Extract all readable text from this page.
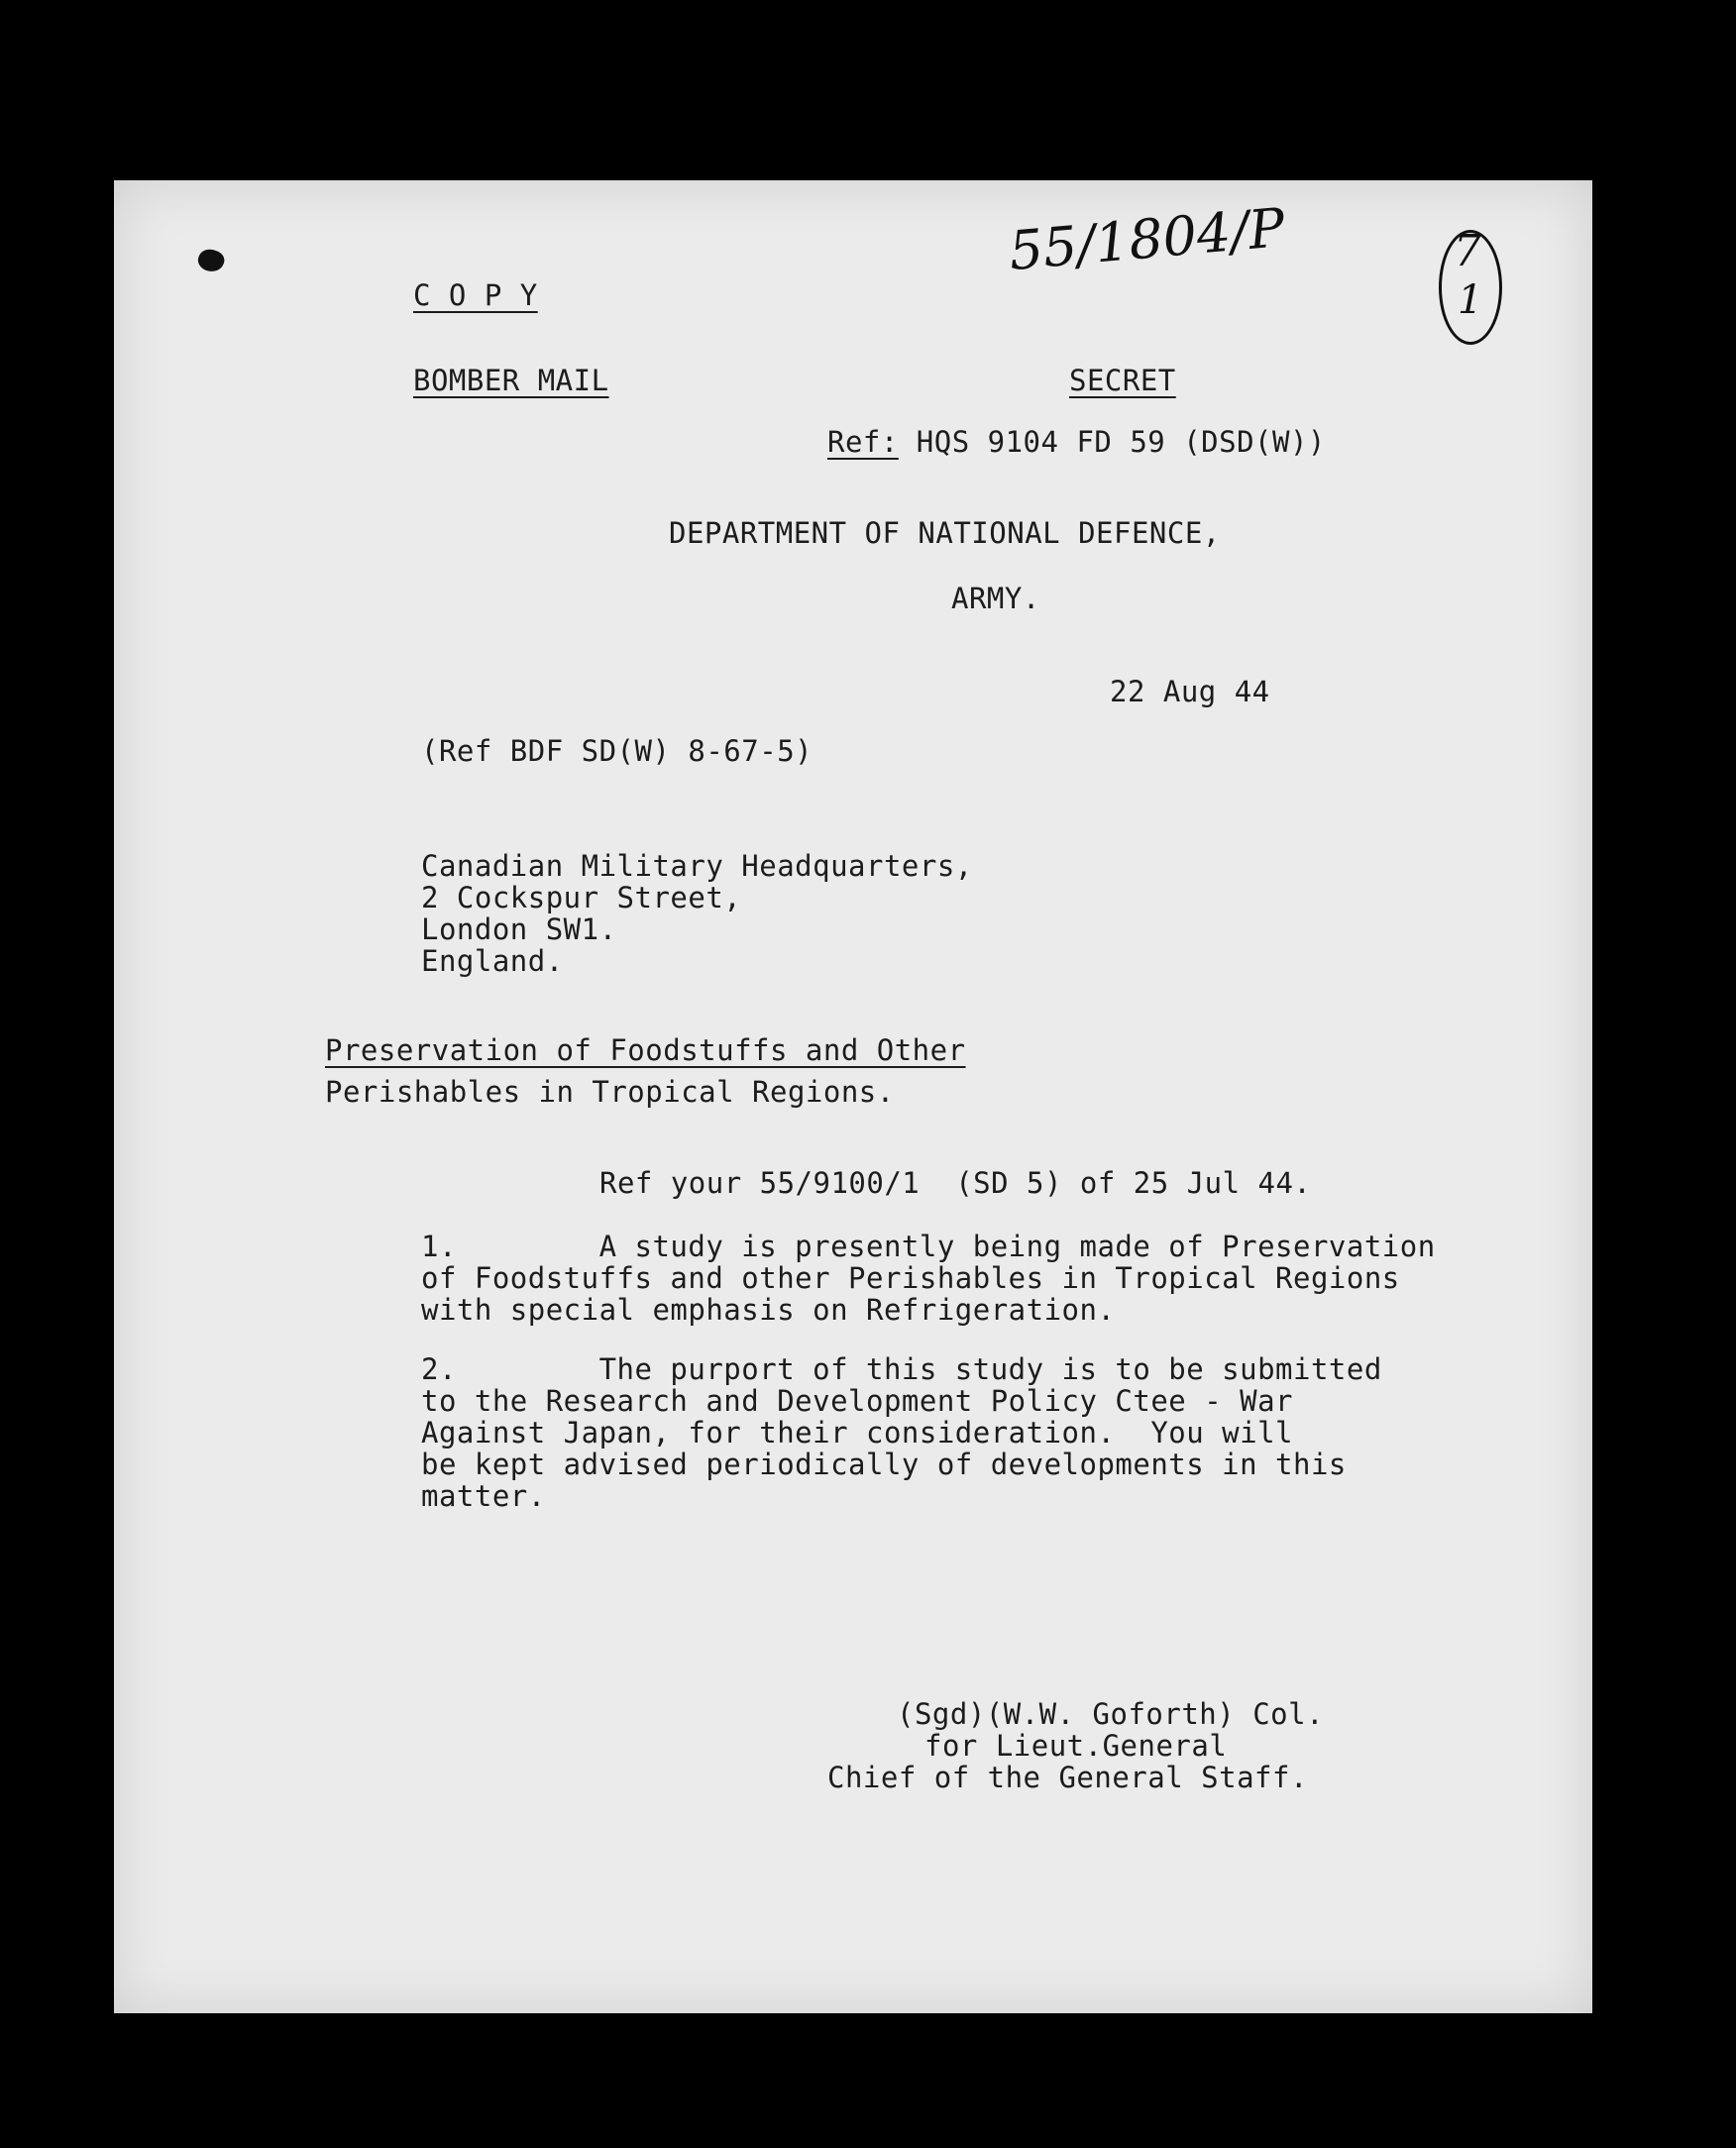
55/1804/P	7
1
C O P Y
BOMBER MAIL	SECRET
Ref: HQS 9104 FD 59 (DSD(W))
DEPARTMENT OF NATIONAL DEFENCE,
ARMY.
22 Aug 44
(Ref BDF SD(W) 8-67-5)
Canadian Military Headquarters,
2 Cockspur Street,
London SW1.
England.
Preservation of Foodstuffs and Other
Perishables in Tropical Regions.
Ref your 55/9100/1  (SD 5) of 25 Jul 44.
1.        A study is presently being made of Preservation
of Foodstuffs and other Perishables in Tropical Regions
with special emphasis on Refrigeration.
2.        The purport of this study is to be submitted
to the Research and Development Policy Ctee - War
Against Japan, for their consideration.  You will
be kept advised periodically of developments in this
matter.
(Sgd)(W.W. Goforth) Col.
for Lieut.General
Chief of the General Staff.
